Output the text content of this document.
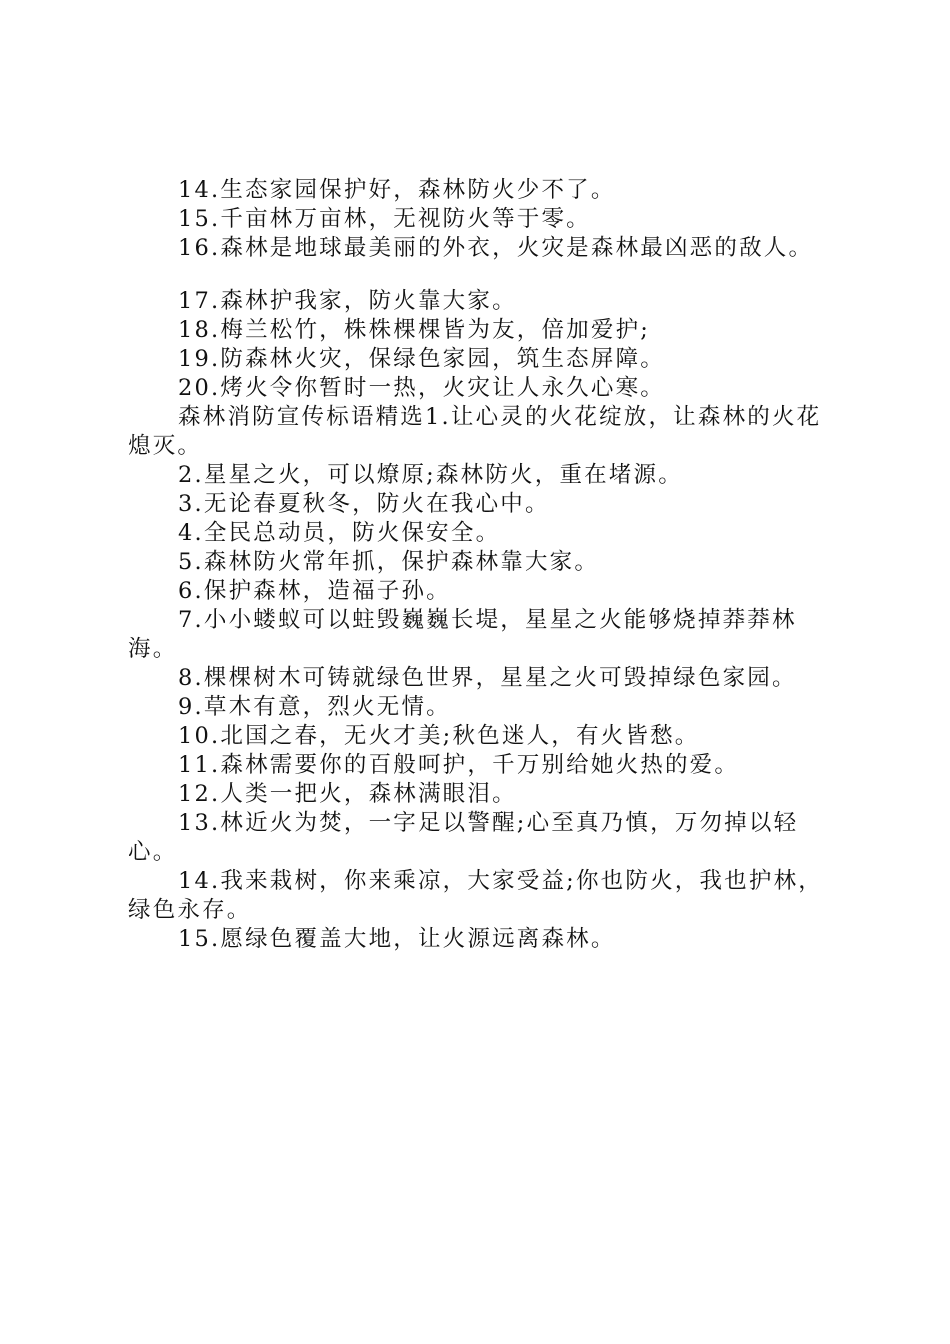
14.生态家园保护好，森林防火少不了。

15.千亩林万亩林，无视防火等于零。

16.森林是地球最美丽的外衣，火灾是森林最凶恶的敌人。

17.森林护我家，防火靠大家。

18.梅兰松竹，株株棵棵皆为友，倍加爱护;

19.防森林火灾，保绿色家园，筑生态屏障。

20.烤火令你暂时一热，火灾让人永久心寒。

森林消防宣传标语精选1.让心灵的火花绽放，让森林的火花熄灭。

2.星星之火，可以燎原;森林防火，重在堵源。

3.无论春夏秋冬，防火在我心中。

4.全民总动员，防火保安全。

5.森林防火常年抓，保护森林靠大家。

6.保护森林，造福子孙。

7.小小蝼蚁可以蛀毁巍巍长堤，星星之火能够烧掉莽莽林海。

8.棵棵树木可铸就绿色世界，星星之火可毁掉绿色家园。

9.草木有意，烈火无情。

10.北国之春，无火才美;秋色迷人，有火皆愁。

11.森林需要你的百般呵护，千万别给她火热的爱。

12.人类一把火，森林满眼泪。

13.林近火为焚，一字足以警醒;心至真乃慎，万勿掉以轻心。

14.我来栽树，你来乘凉，大家受益;你也防火，我也护林，绿色永存。

15.愿绿色覆盖大地，让火源远离森林。
